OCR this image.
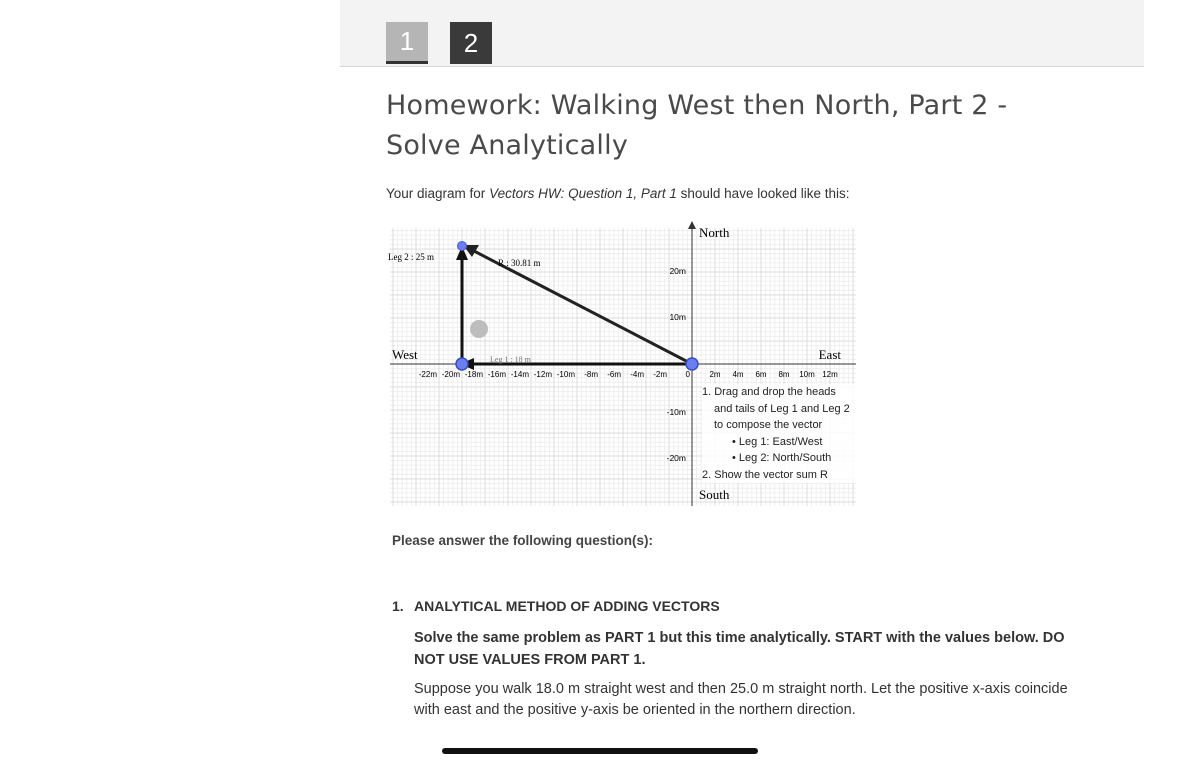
1	2
Homework: Walking West then North, Part 2 - Solve Analytically
Your diagram for Vectors HW: Question 1, Part 1 should have looked like this:
20m
10m
-10m
-20m
-22m -20m -18m -16m -14m -12m -10m -8m -6m -4m -2m 0 2m 4m 6m 8m 10m 12m
North
South
East
West
Leg 2 : 25 m
R : 30.81 m
Leg 1 : 18 m
1. Drag and drop the heads
and tails of Leg 1 and Leg 2
to compose the vector
• Leg 1: East/West
• Leg 2: North/South
2. Show the vector sum R
Please answer the following question(s):
1. ANALYTICAL METHOD OF ADDING VECTORS
Solve the same problem as PART 1 but this time analytically. START with the values below. DO NOT USE VALUES FROM PART 1.
Suppose you walk 18.0 m straight west and then 25.0 m straight north. Let the positive x-axis coincide with east and the positive y-axis be oriented in the northern direction.
